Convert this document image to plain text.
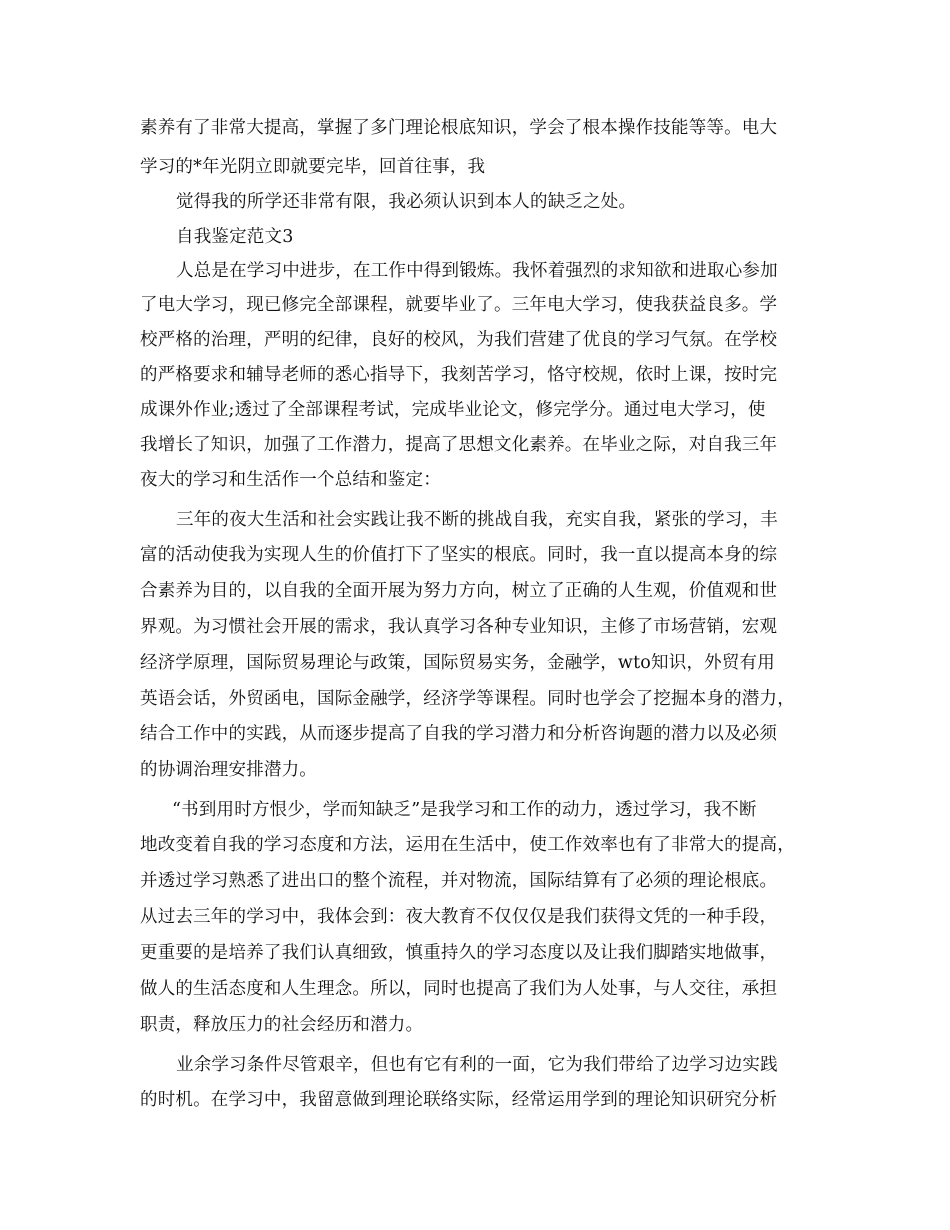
素养有了非常大提高，掌握了多门理论根底知识，学会了根本操作技能等等。电大
学习的*年光阴立即就要完毕，回首往事，我
觉得我的所学还非常有限，我必须认识到本人的缺乏之处。
自我鉴定范文3
人总是在学习中进步，在工作中得到锻炼。我怀着强烈的求知欲和进取心参加
了电大学习，现已修完全部课程，就要毕业了。三年电大学习，使我获益良多。学
校严格的治理，严明的纪律，良好的校风，为我们营建了优良的学习气氛。在学校
的严格要求和辅导老师的悉心指导下，我刻苦学习，恪守校规，依时上课，按时完
成课外作业;透过了全部课程考试，完成毕业论文，修完学分。通过电大学习，使
我增长了知识，加强了工作潜力，提高了思想文化素养。在毕业之际，对自我三年
夜大的学习和生活作一个总结和鉴定：
三年的夜大生活和社会实践让我不断的挑战自我，充实自我，紧张的学习，丰
富的活动使我为实现人生的价值打下了坚实的根底。同时，我一直以提高本身的综
合素养为目的，以自我的全面开展为努力方向，树立了正确的人生观，价值观和世
界观。为习惯社会开展的需求，我认真学习各种专业知识，主修了市场营销，宏观
经济学原理，国际贸易理论与政策，国际贸易实务，金融学，wto知识，外贸有用
英语会话，外贸函电，国际金融学，经济学等课程。同时也学会了挖掘本身的潜力，
结合工作中的实践，从而逐步提高了自我的学习潜力和分析咨询题的潜力以及必须
的协调治理安排潜力。
“书到用时方恨少，学而知缺乏”是我学习和工作的动力，透过学习，我不断
地改变着自我的学习态度和方法，运用在生活中，使工作效率也有了非常大的提高，
并透过学习熟悉了进出口的整个流程，并对物流，国际结算有了必须的理论根底。
从过去三年的学习中，我体会到：夜大教育不仅仅仅是我们获得文凭的一种手段，
更重要的是培养了我们认真细致，慎重持久的学习态度以及让我们脚踏实地做事，
做人的生活态度和人生理念。所以，同时也提高了我们为人处事，与人交往，承担
职责，释放压力的社会经历和潜力。
业余学习条件尽管艰辛，但也有它有利的一面，它为我们带给了边学习边实践
的时机。在学习中，我留意做到理论联络实际，经常运用学到的理论知识研究分析
